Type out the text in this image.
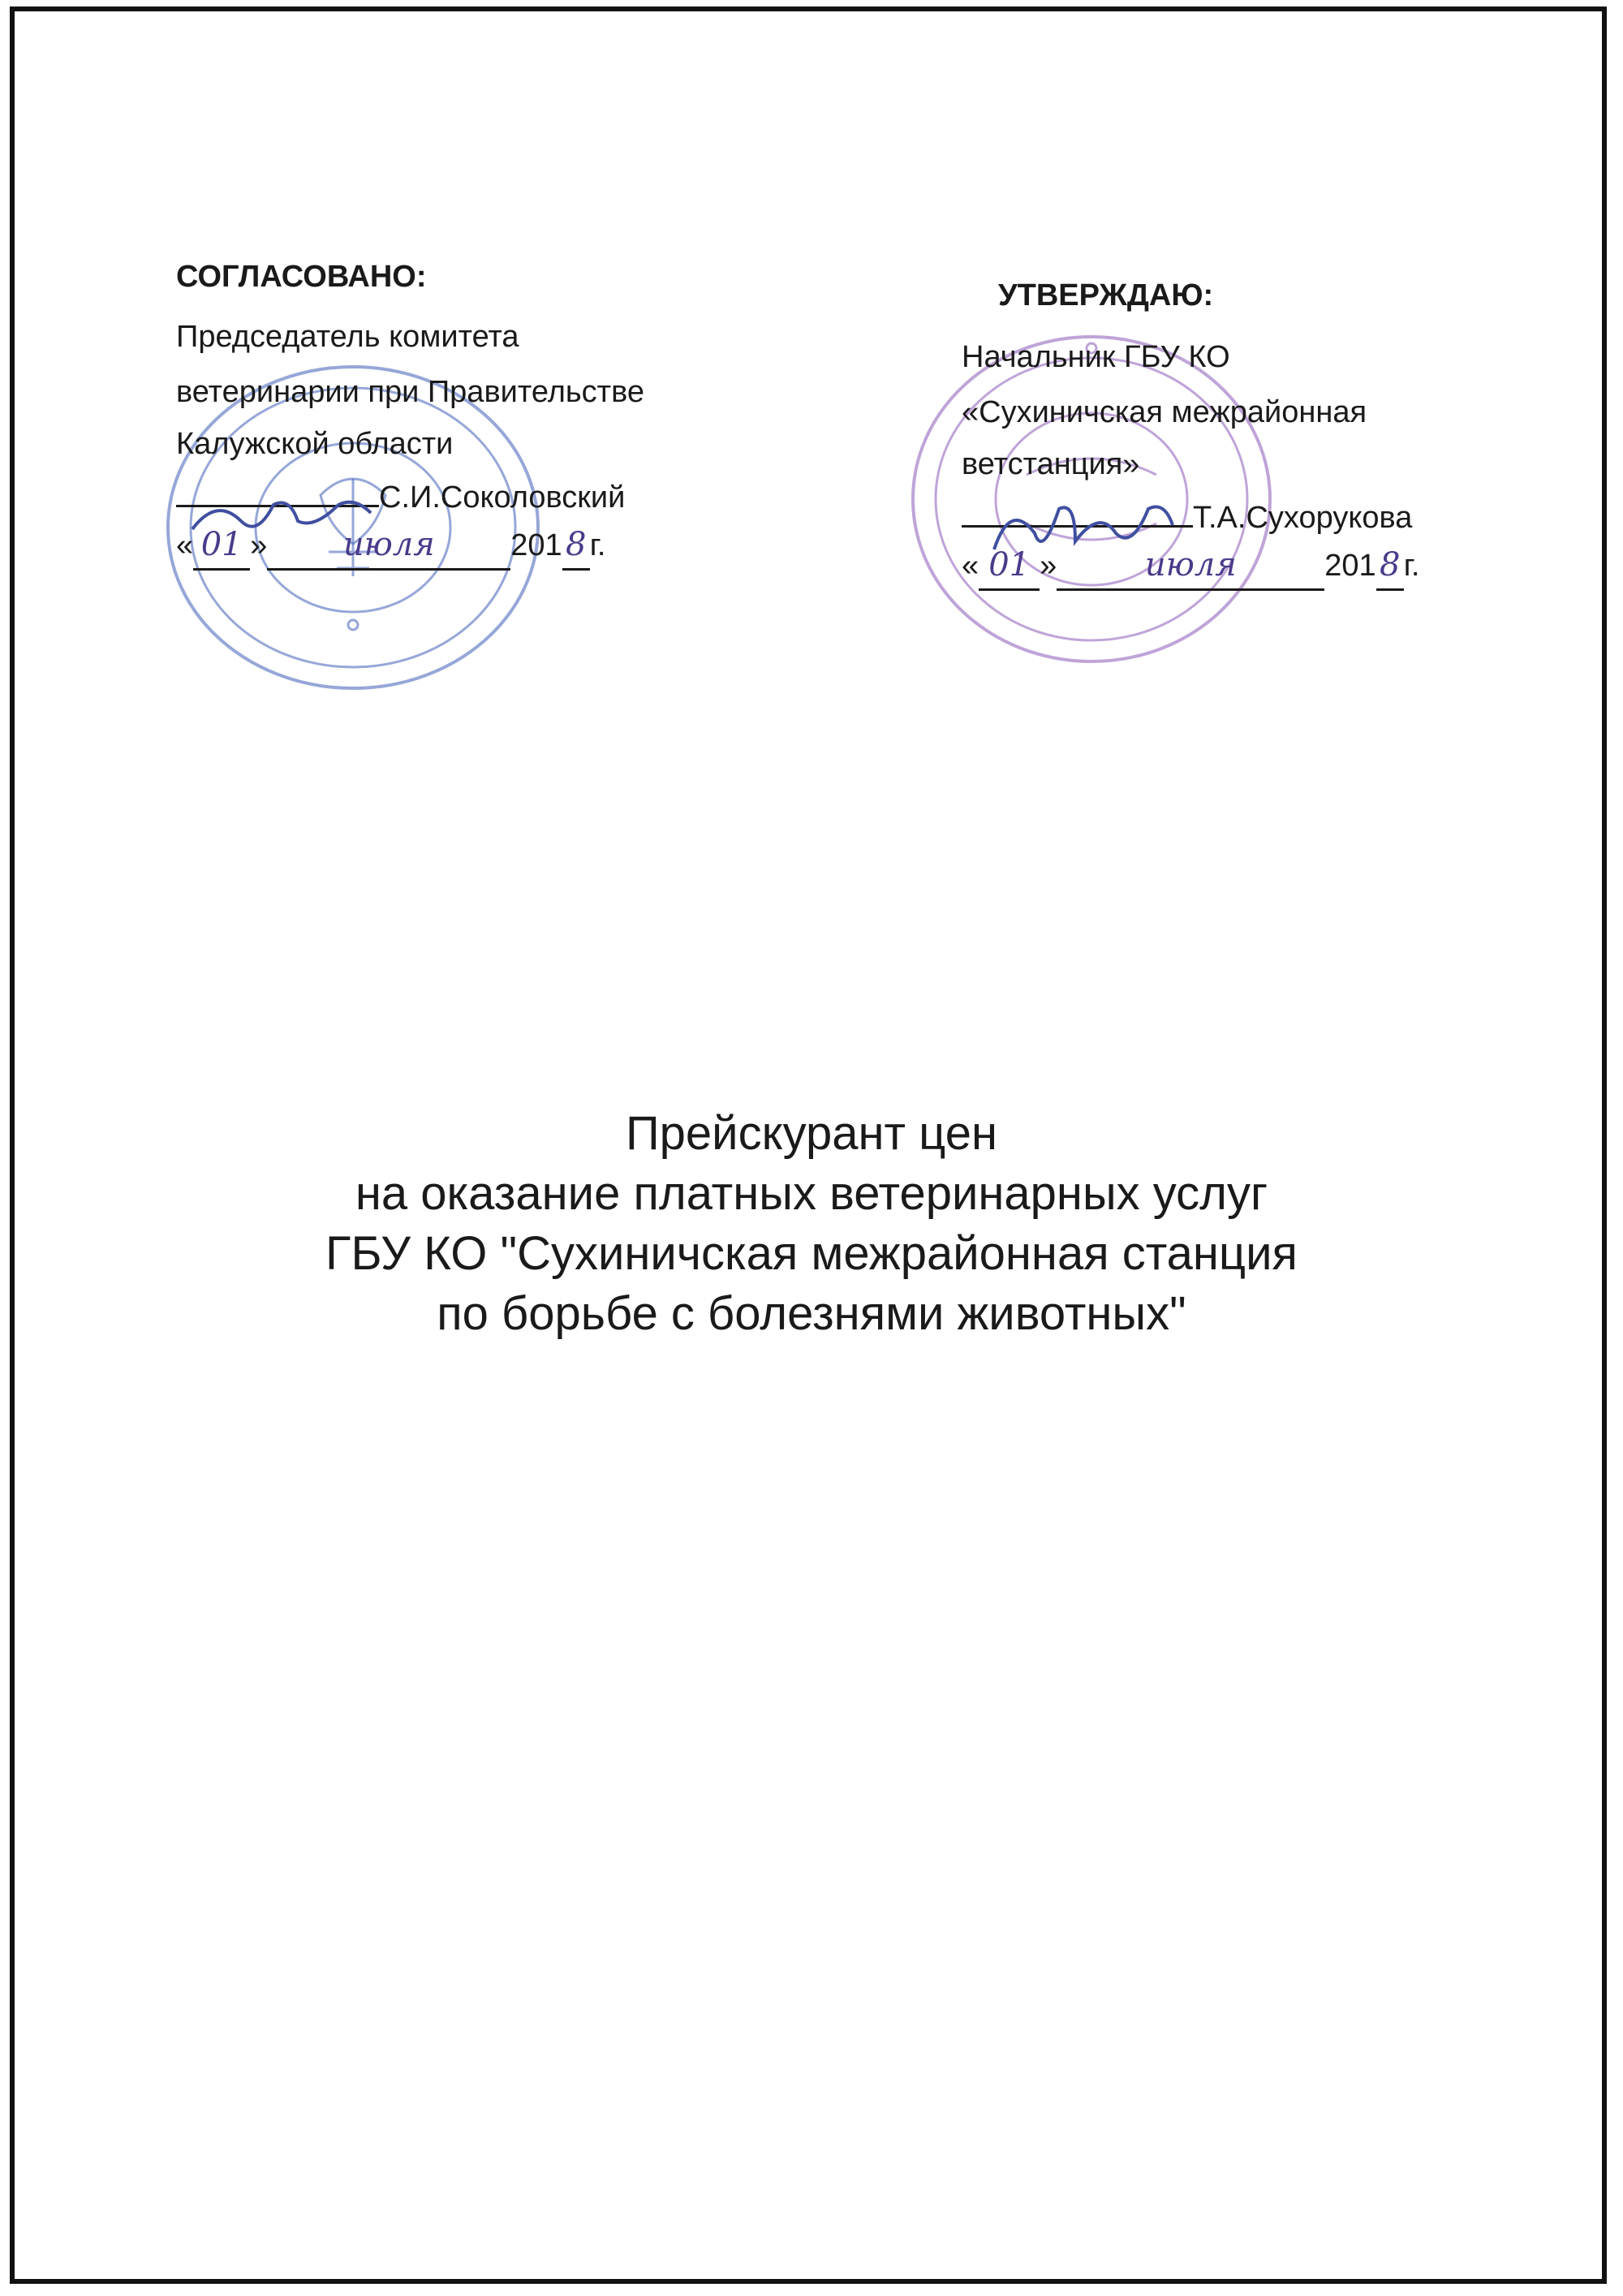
СОГЛАСОВАНО:
Председатель комитета
ветеринарии при Правительстве
Калужской области
С.И.Соколовский
« 01 » июля 201 8 г.
УТВЕРЖДАЮ:
Начальник ГБУ КО
«Сухиничская межрайонная
ветстанция»
Т.А.Сухорукова
« 01 »	июля	201 8 г.
Прейскурант цен
на оказание платных ветеринарных услуг
ГБУ КО "Сухиничская межрайонная станция
по борьбе с болезнями животных"
